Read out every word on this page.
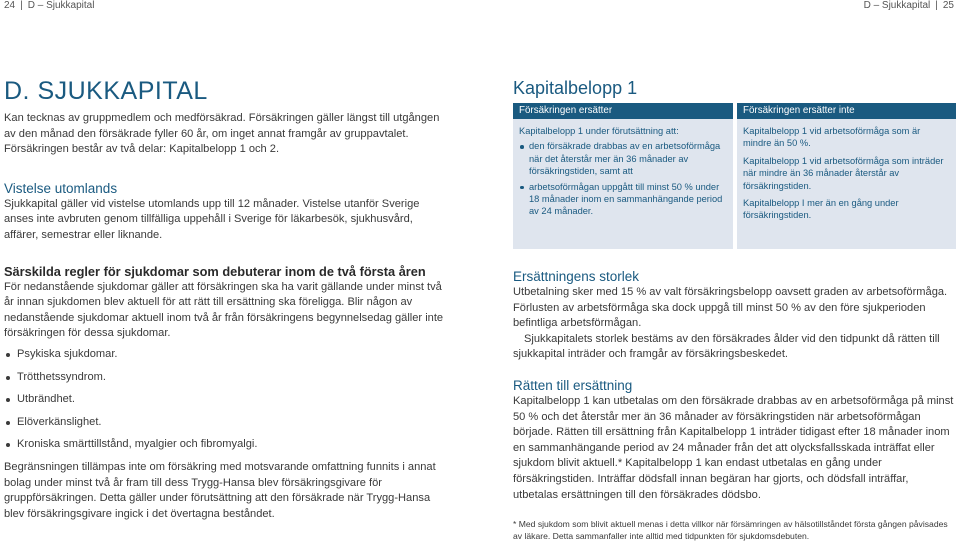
24 | D – Sjukkapital	D – Sjukkapital | 25
D. SJUKKAPITAL

Kan tecknas av gruppmedlem och medförsäkrad. Försäkringen gäller längst till utgången av den månad den försäkrade fyller 60 år, om inget annat framgår av gruppavtalet. Försäkringen består av två delar: Kapitalbelopp 1 och 2.

Vistelse utomlands

Sjukkapital gäller vid vistelse utomlands upp till 12 månader. Vistelse utanför Sverige anses inte avbruten genom tillfälliga uppehåll i Sverige för läkarbesök, sjukhusvård, affärer, semestrar eller liknande.

Särskilda regler för sjukdomar som debuterar inom de två första åren

För nedanstående sjukdomar gäller att försäkringen ska ha varit gällande under minst två år innan sjukdomen blev aktuell för att rätt till ersättning ska föreligga. Blir någon av nedanstående sjukdomar aktuell inom två år från försäkringens begynnelsedag gäller inte försäkringen för dessa sjukdomar.

Psykiska sjukdomar.
Trötthetssyndrom.
Utbrändhet.
Elöverkänslighet.
Kroniska smärttillstånd, myalgier och fibromyalgi.

Begränsningen tillämpas inte om försäkring med motsvarande omfattning funnits i annat bolag under minst två år fram till dess Trygg-Hansa blev försäkringsgivare för gruppförsäkringen. Detta gäller under förutsättning att den försäkrade när Trygg-Hansa blev försäkringsgivare ingick i det övertagna beståndet.

Kapitalbelopp 1
Försäkringen ersätter

Kapitalbelopp 1 under förutsättning att:

den försäkrade drabbas av en arbetsoförmåga när det återstår mer än 36 månader av försäkringstiden, samt att
arbetsoförmågan uppgått till minst 50 % under 18 månader inom en sammanhängande period av 24 månader.
Försäkringen ersätter inte

Kapitalbelopp 1 vid arbetsoförmåga som är mindre än 50 %.

Kapitalbelopp 1 vid arbetsoförmåga som inträder när mindre än 36 månader återstår av försäkringstiden.

Kapitalbelopp I mer än en gång under försäkringstiden.

Ersättningens storlek

Utbetalning sker med 15 % av valt försäkringsbelopp oavsett graden av arbetsoförmåga. Förlusten av arbetsförmåga ska dock uppgå till minst 50 % av den före sjukperioden befintliga arbetsförmågan.

Sjukkapitalets storlek bestäms av den försäkrades ålder vid den tidpunkt då rätten till sjukkapital inträder och framgår av försäkringsbeskedet.

Rätten till ersättning

Kapitalbelopp 1 kan utbetalas om den försäkrade drabbas av en arbetsoförmåga på minst 50 % och det återstår mer än 36 månader av försäkringstiden när arbetsoförmågan började. Rätten till ersättning från Kapitalbelopp 1 inträder tidigast efter 18 månader inom en sammanhängande period av 24 månader från det att olycksfallsskada inträffat eller sjukdom blivit aktuell.* Kapitalbelopp 1 kan endast utbetalas en gång under försäkringstiden. Inträffar dödsfall innan begäran har gjorts, och dödsfall inträffar, utbetalas ersättningen till den försäkrades dödsbo.

* Med sjukdom som blivit aktuell menas i detta villkor när försämringen av hälsotillståndet första gången påvisades av läkare. Detta sammanfaller inte alltid med tidpunkten för sjukdomsdebuten.
